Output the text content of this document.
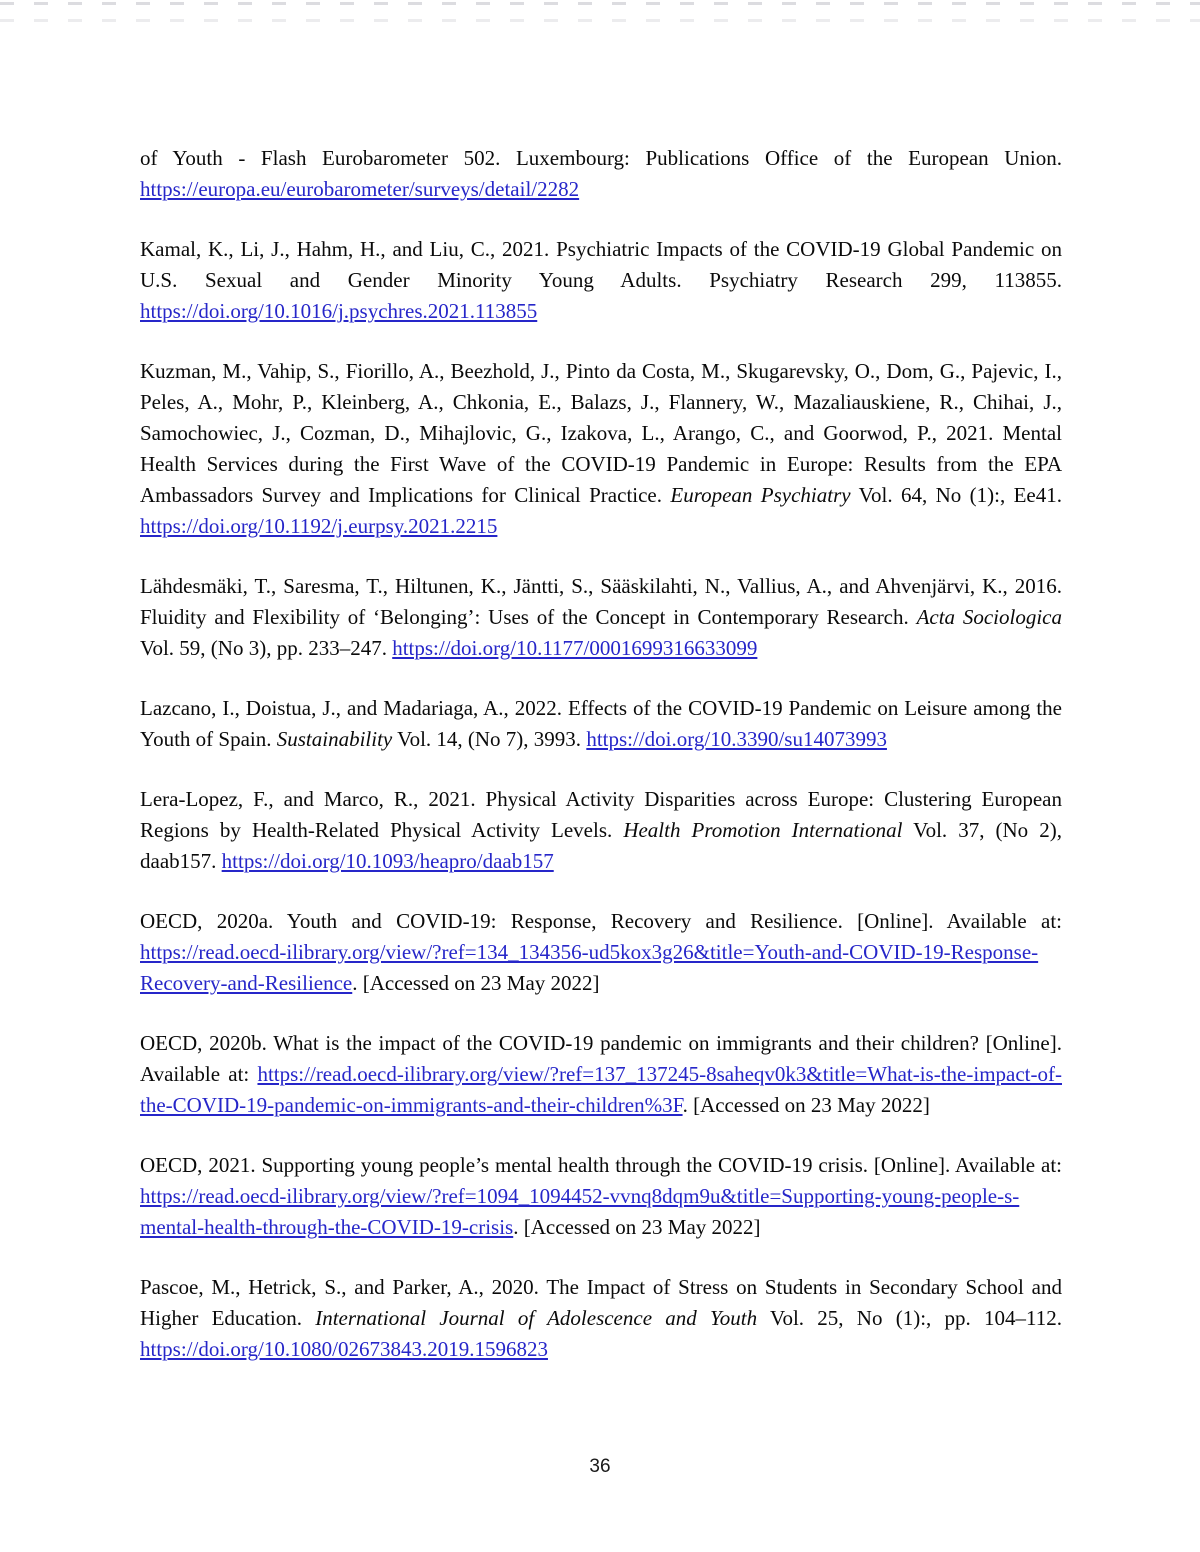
of Youth - Flash Eurobarometer 502. Luxembourg: Publications Office of the European Union. https://europa.eu/eurobarometer/surveys/detail/2282

Kamal, K., Li, J., Hahm, H., and Liu, C., 2021. Psychiatric Impacts of the COVID-19 Global Pandemic on U.S. Sexual and Gender Minority Young Adults. Psychiatry Research 299, 113855. https://doi.org/10.1016/j.psychres.2021.113855

Kuzman, M., Vahip, S., Fiorillo, A., Beezhold, J., Pinto da Costa, M., Skugarevsky, O., Dom, G., Pajevic, I., Peles, A., Mohr, P., Kleinberg, A., Chkonia, E., Balazs, J., Flannery, W., Mazaliauskiene, R., Chihai, J., Samochowiec, J., Cozman, D., Mihajlovic, G., Izakova, L., Arango, C., and Goorwod, P., 2021. Mental Health Services during the First Wave of the COVID-19 Pandemic in Europe: Results from the EPA Ambassadors Survey and Implications for Clinical Practice. European Psychiatry Vol. 64, No (1):, Ee41. https://doi.org/10.1192/j.eurpsy.2021.2215

Lähdesmäki, T., Saresma, T., Hiltunen, K., Jäntti, S., Sääskilahti, N., Vallius, A., and Ahvenjärvi, K., 2016. Fluidity and Flexibility of ‘Belonging’: Uses of the Concept in Contemporary Research. Acta Sociologica Vol. 59, (No 3), pp. 233–247. https://doi.org/10.1177/0001699316633099

Lazcano, I., Doistua, J., and Madariaga, A., 2022. Effects of the COVID-19 Pandemic on Leisure among the Youth of Spain. Sustainability Vol. 14, (No 7), 3993. https://doi.org/10.3390/su14073993

Lera-Lopez, F., and Marco, R., 2021. Physical Activity Disparities across Europe: Clustering European Regions by Health-Related Physical Activity Levels. Health Promotion International Vol. 37, (No 2), daab157. https://doi.org/10.1093/heapro/daab157

OECD, 2020a. Youth and COVID-19: Response, Recovery and Resilience. [Online]. Available at: https://read.oecd-ilibrary.org/view/?ref=134_134356-ud5kox3g26&title=Youth-and-COVID-19-Response-Recovery-and-Resilience. [Accessed on 23 May 2022]

OECD, 2020b. What is the impact of the COVID-19 pandemic on immigrants and their children? [Online]. Available at: https://read.oecd-ilibrary.org/view/?ref=137_137245-8saheqv0k3&title=What-is-the-impact-of-the-COVID-19-pandemic-on-immigrants-and-their-children%3F. [Accessed on 23 May 2022]

OECD, 2021. Supporting young people’s mental health through the COVID-19 crisis. [Online]. Available at: https://read.oecd-ilibrary.org/view/?ref=1094_1094452-vvnq8dqm9u&title=Supporting-young-people-s-mental-health-through-the-COVID-19-crisis. [Accessed on 23 May 2022]

Pascoe, M., Hetrick, S., and Parker, A., 2020. The Impact of Stress on Students in Secondary School and Higher Education. International Journal of Adolescence and Youth Vol. 25, No (1):, pp. 104–112. https://doi.org/10.1080/02673843.2019.1596823

36
